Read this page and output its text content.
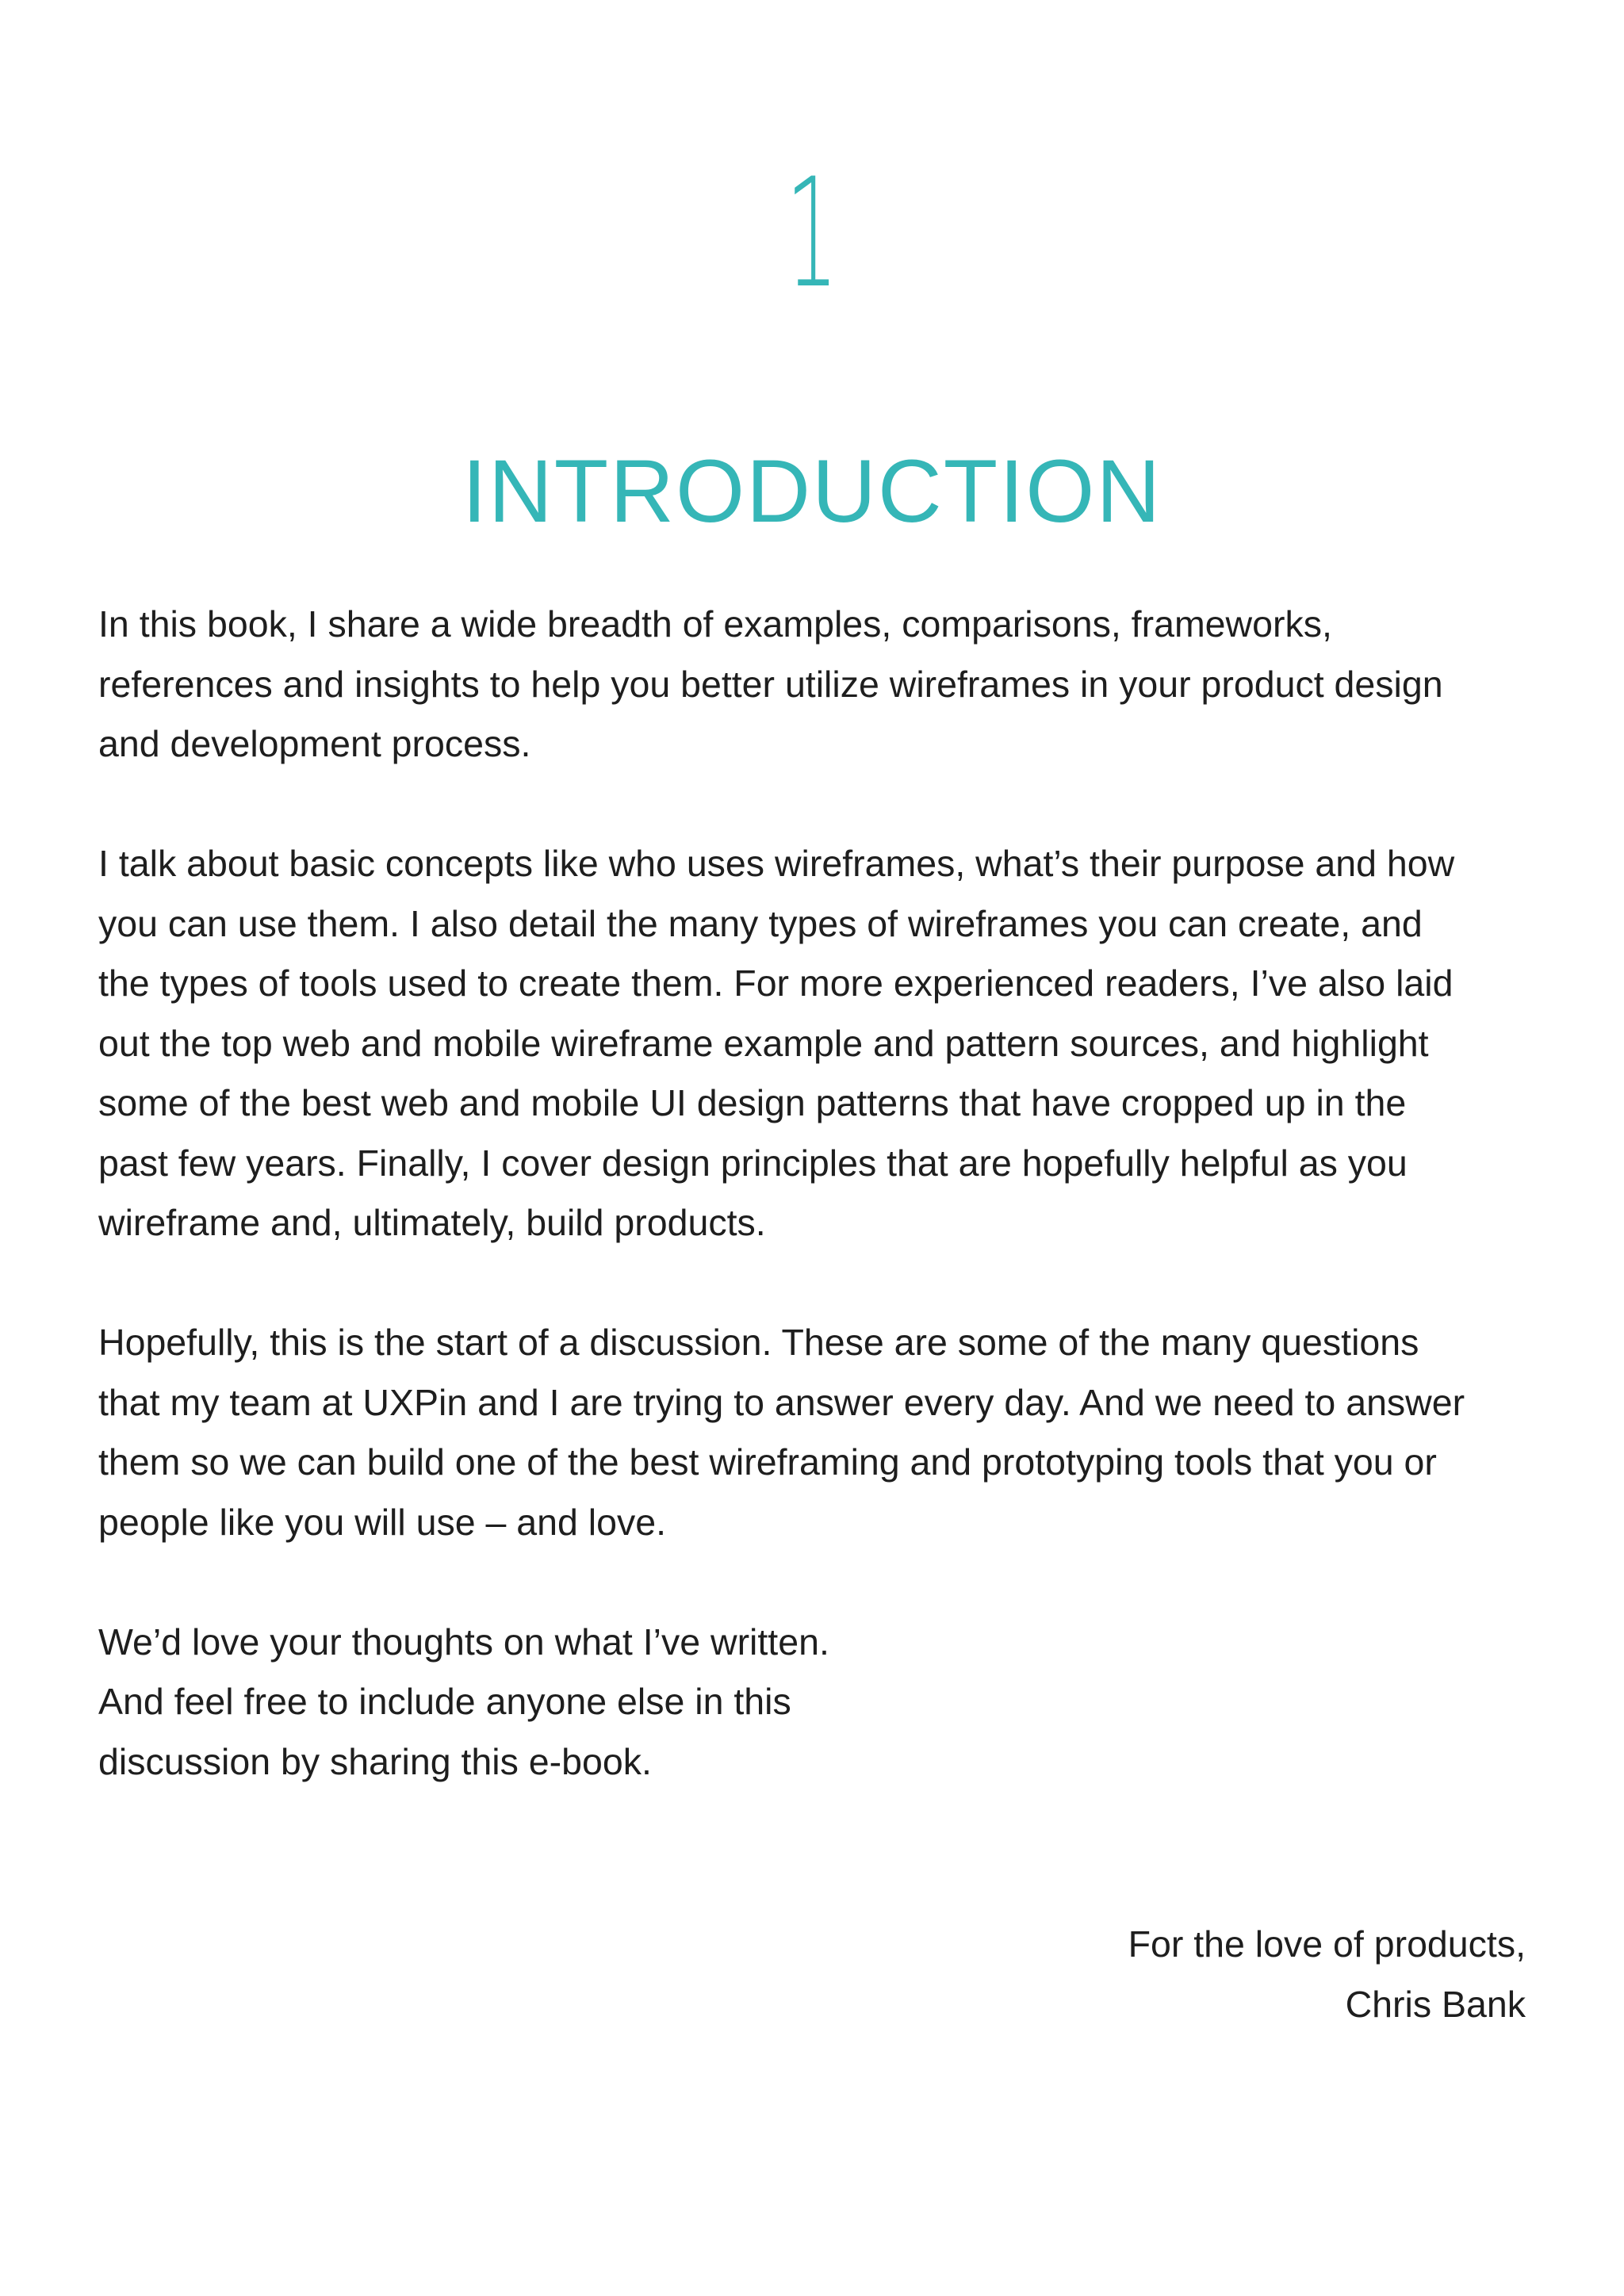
1
INTRODUCTION

In this book, I share a wide breadth of examples, comparisons, frameworks,
references and insights to help you better utilize wireframes in your product design
and development process.

I talk about basic concepts like who uses wireframes, what’s their purpose and how
you can use them. I also detail the many types of wireframes you can create, and
the types of tools used to create them. For more experienced readers, I’ve also laid
out the top web and mobile wireframe example and pattern sources, and highlight
some of the best web and mobile UI design patterns that have cropped up in the
past few years. Finally, I cover design principles that are hopefully helpful as you
wireframe and, ultimately, build products.

Hopefully, this is the start of a discussion. These are some of the many questions
that my team at UXPin and I are trying to answer every day. And we need to answer
them so we can build one of the best wireframing and prototyping tools that you or
people like you will use – and love.

We’d love your thoughts on what I’ve written.
And feel free to include anyone else in this
discussion by sharing this e-book.

For the love of products,
Chris Bank
